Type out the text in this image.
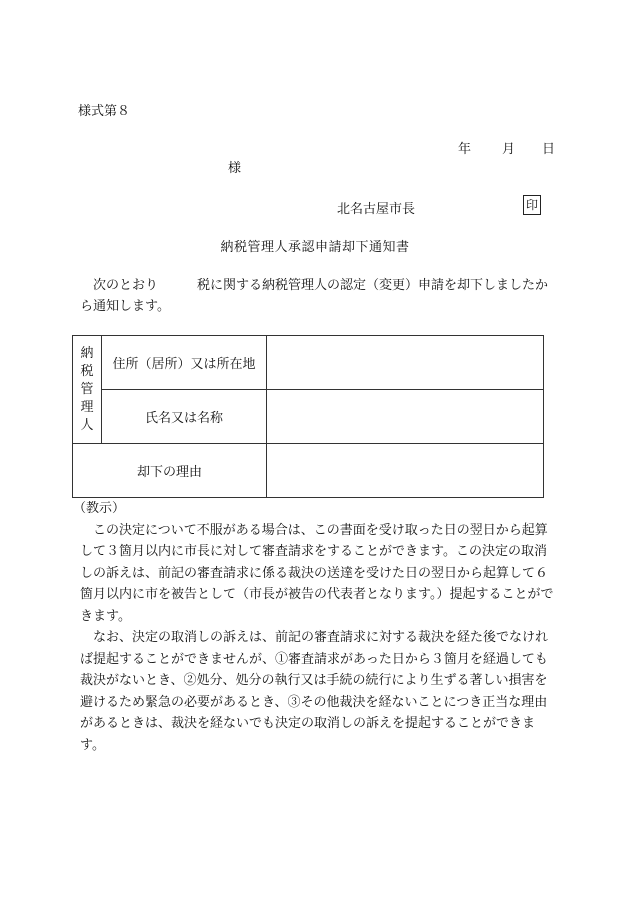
様式第８
年 月 日
様
北名古屋市長	印
納税管理人承認申請却下通知書
次のとおり　　　税に関する納税管理人の認定（変更）申請を却下しましたから通知します。
納
税
管
理
人	住所（居所）又は所在地	
	氏名又は名称	
却下の理由		

（教示）

この決定について不服がある場合は、この書面を受け取った日の翌日から起算して３箇月以内に市長に対して審査請求をすることができます。この決定の取消しの訴えは、前記の審査請求に係る裁決の送達を受けた日の翌日から起算して６箇月以内に市を被告として（市長が被告の代表者となります。）提起することができます。

なお、決定の取消しの訴えは、前記の審査請求に対する裁決を経た後でなければ提起することができませんが、①審査請求があった日から３箇月を経過しても裁決がないとき、②処分、処分の執行又は手続の続行により生ずる著しい損害を避けるため緊急の必要があるとき、③その他裁決を経ないことにつき正当な理由があるときは、裁決を経ないでも決定の取消しの訴えを提起することができます。
